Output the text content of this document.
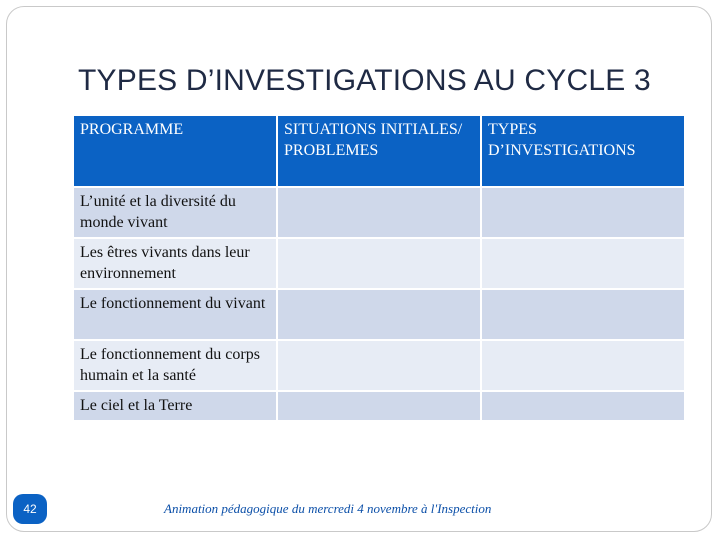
TYPES D’INVESTIGATIONS AU CYCLE 3
PROGRAMME	SITUATIONS INITIALES/ PROBLEMES	TYPES D’INVESTIGATIONS
L’unité et la diversité du monde vivant		
Les êtres vivants dans leur environnement		
Le fonctionnement du vivant		
Le fonctionnement du corps humain et la santé		
Le ciel et la Terre		
42	Animation pédagogique du mercredi 4 novembre à l'Inspection
